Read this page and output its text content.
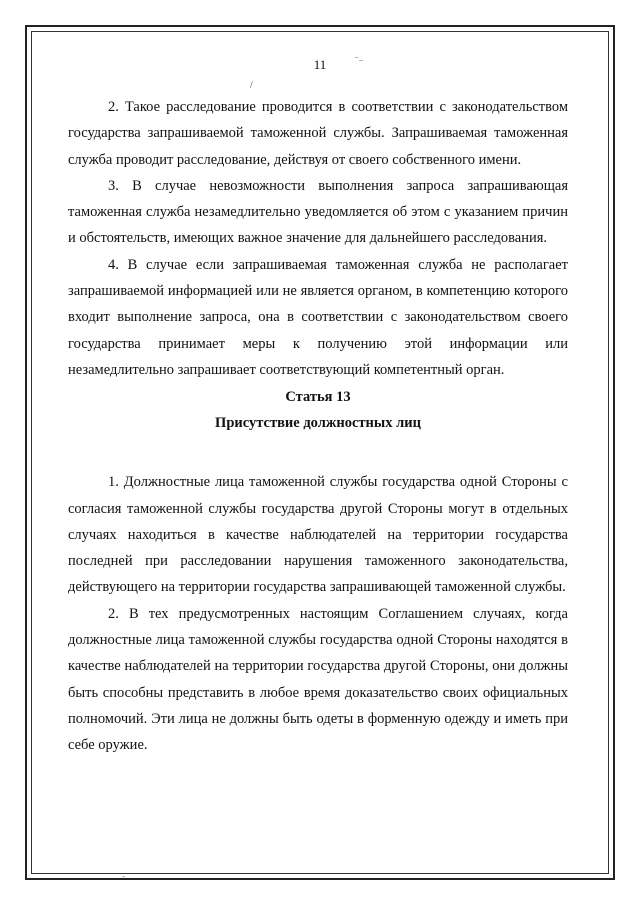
11	‾⁻
/
ˎ

2. Такое расследование проводится в соответствии с законодательством государства запрашиваемой таможенной службы. Запрашиваемая таможенная служба проводит расследование, действуя от своего собственного имени.

3. В случае невозможности выполнения запроса запрашивающая таможенная служба незамедлительно уведомляется об этом с указанием причин и обстоятельств, имеющих важное значение для дальнейшего расследования.

4. В случае если запрашиваемая таможенная служба не располагает запрашиваемой информацией или не является органом, в компетенцию которого входит выполнение запроса, она в соответствии с законодательством своего государства принимает меры к получению этой информации или незамедлительно запрашивает соответствующий компетентный орган.

Статья 13

Присутствие должностных лиц

1. Должностные лица таможенной службы государства одной Стороны с согласия таможенной службы государства другой Стороны могут в отдельных случаях находиться в качестве наблюдателей на территории государства последней при расследовании нарушения таможенного законодательства, действующего на территории государства запрашивающей таможенной службы.

2. В тех предусмотренных настоящим Соглашением случаях, когда должностные лица таможенной службы государства одной Стороны находятся в качестве наблюдателей на территории государства другой Стороны, они должны быть способны представить в любое время доказательство своих официальных полномочий. Эти лица не должны быть одеты в форменную одежду и иметь при себе оружие.
